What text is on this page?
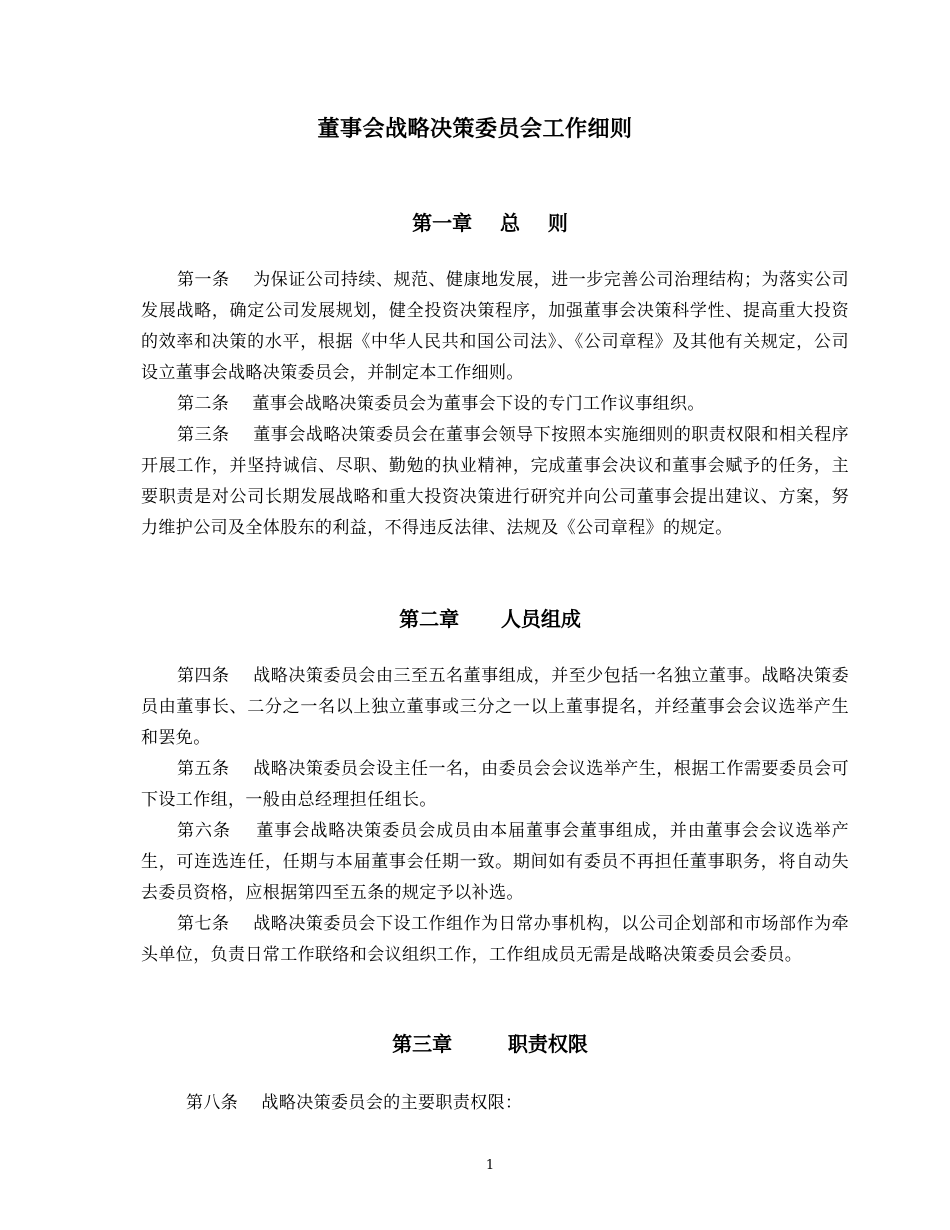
董事会战略决策委员会工作细则
第一章    总    则
第一条    为保证公司持续、规范、健康地发展，进一步完善公司治理结构；为落实公司发展战略，确定公司发展规划，健全投资决策程序，加强董事会决策科学性、提高重大投资的效率和决策的水平，根据《中华人民共和国公司法》、《公司章程》及其他有关规定，公司设立董事会战略决策委员会，并制定本工作细则。
第二条    董事会战略决策委员会为董事会下设的专门工作议事组织。
第三条    董事会战略决策委员会在董事会领导下按照本实施细则的职责权限和相关程序开展工作，并坚持诚信、尽职、勤勉的执业精神，完成董事会决议和董事会赋予的任务，主要职责是对公司长期发展战略和重大投资决策进行研究并向公司董事会提出建议、方案，努力维护公司及全体股东的利益，不得违反法律、法规及《公司章程》的规定。
第二章      人员组成
第四条    战略决策委员会由三至五名董事组成，并至少包括一名独立董事。战略决策委员由董事长、二分之一名以上独立董事或三分之一以上董事提名，并经董事会会议选举产生和罢免。
第五条    战略决策委员会设主任一名，由委员会会议选举产生，根据工作需要委员会可下设工作组，一般由总经理担任组长。
第六条    董事会战略决策委员会成员由本届董事会董事组成，并由董事会会议选举产生，可连选连任，任期与本届董事会任期一致。期间如有委员不再担任董事职务，将自动失去委员资格，应根据第四至五条的规定予以补选。
第七条    战略决策委员会下设工作组作为日常办事机构，以公司企划部和市场部作为牵头单位，负责日常工作联络和会议组织工作，工作组成员无需是战略决策委员会委员。
第三章        职责权限
第八条    战略决策委员会的主要职责权限：
1
